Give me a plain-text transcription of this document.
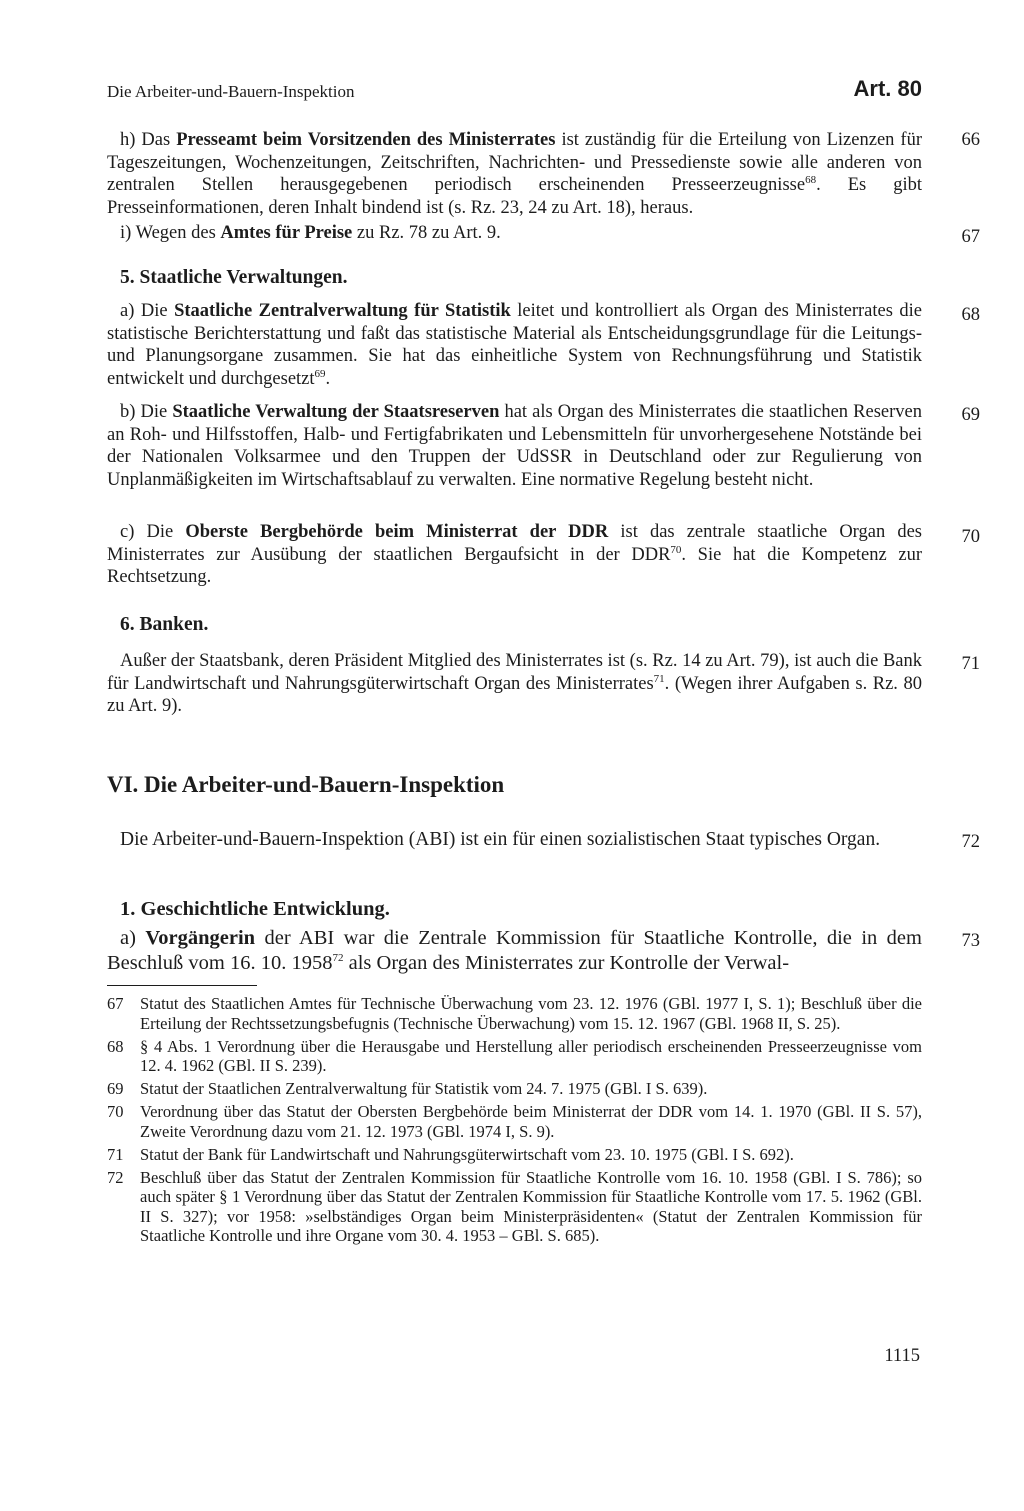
Die Arbeiter-und-Bauern-Inspektion	Art. 80
66

h) Das Presseamt beim Vorsitzenden des Ministerrates ist zuständig für die Erteilung von Lizenzen für Tageszeitungen, Wochenzeitungen, Zeitschriften, Nachrichten- und Pressedienste sowie alle anderen von zentralen Stellen herausgegebenen periodisch erscheinenden Presseerzeugnisse$^{68}$. Es gibt Presseinformationen, deren Inhalt bindend ist (s. Rz. 23, 24 zu Art. 18), heraus.

67

i) Wegen des Amtes für Preise zu Rz. 78 zu Art. 9.

5. Staatliche Verwaltungen.

68

a) Die Staatliche Zentralverwaltung für Statistik leitet und kontrolliert als Organ des Ministerrates die statistische Berichterstattung und faßt das statistische Material als Entscheidungsgrundlage für die Leitungs- und Planungsorgane zusammen. Sie hat das einheitliche System von Rechnungsführung und Statistik entwickelt und durchgesetzt$^{69}$.

69

b) Die Staatliche Verwaltung der Staatsreserven hat als Organ des Ministerrates die staatlichen Reserven an Roh- und Hilfsstoffen, Halb- und Fertigfabrikaten und Lebensmitteln für unvorhergesehene Notstände bei der Nationalen Volksarmee und den Truppen der UdSSR in Deutschland oder zur Regulierung von Unplanmäßigkeiten im Wirtschaftsablauf zu verwalten. Eine normative Regelung besteht nicht.

70

c) Die Oberste Bergbehörde beim Ministerrat der DDR ist das zentrale staatliche Organ des Ministerrates zur Ausübung der staatlichen Bergaufsicht in der DDR$^{70}$. Sie hat die Kompetenz zur Rechtsetzung.

6. Banken.

71

Außer der Staatsbank, deren Präsident Mitglied des Ministerrates ist (s. Rz. 14 zu Art. 79), ist auch die Bank für Landwirtschaft und Nahrungsgüterwirtschaft Organ des Ministerrates$^{71}$. (Wegen ihrer Aufgaben s. Rz. 80 zu Art. 9).

VI. Die Arbeiter-und-Bauern-Inspektion

72

Die Arbeiter-und-Bauern-Inspektion (ABI) ist ein für einen sozialistischen Staat typisches Organ.

1. Geschichtliche Entwicklung.

73

a) Vorgängerin der ABI war die Zentrale Kommission für Staatliche Kontrolle, die in dem Beschluß vom 16. 10. 1958$^{72}$ als Organ des Ministerrates zur Kontrolle der Verwal-

67 Statut des Staatlichen Amtes für Technische Überwachung vom 23. 12. 1976 (GBl. 1977 I, S. 1); Beschluß über die Erteilung der Rechtssetzungsbefugnis (Technische Überwachung) vom 15. 12. 1967 (GBl. 1968 II, S. 25).
68 § 4 Abs. 1 Verordnung über die Herausgabe und Herstellung aller periodisch erscheinenden Presseerzeugnisse vom 12. 4. 1962 (GBl. II S. 239).
69 Statut der Staatlichen Zentralverwaltung für Statistik vom 24. 7. 1975 (GBl. I S. 639).
70 Verordnung über das Statut der Obersten Bergbehörde beim Ministerrat der DDR vom 14. 1. 1970 (GBl. II S. 57), Zweite Verordnung dazu vom 21. 12. 1973 (GBl. 1974 I, S. 9).
71 Statut der Bank für Landwirtschaft und Nahrungsgüterwirtschaft vom 23. 10. 1975 (GBl. I S. 692).
72 Beschluß über das Statut der Zentralen Kommission für Staatliche Kontrolle vom 16. 10. 1958 (GBl. I S. 786); so auch später § 1 Verordnung über das Statut der Zentralen Kommission für Staatliche Kontrolle vom 17. 5. 1962 (GBl. II S. 327); vor 1958: »selbständiges Organ beim Ministerpräsidenten« (Statut der Zentralen Kommission für Staatliche Kontrolle und ihre Organe vom 30. 4. 1953 – GBl. S. 685).
1115
